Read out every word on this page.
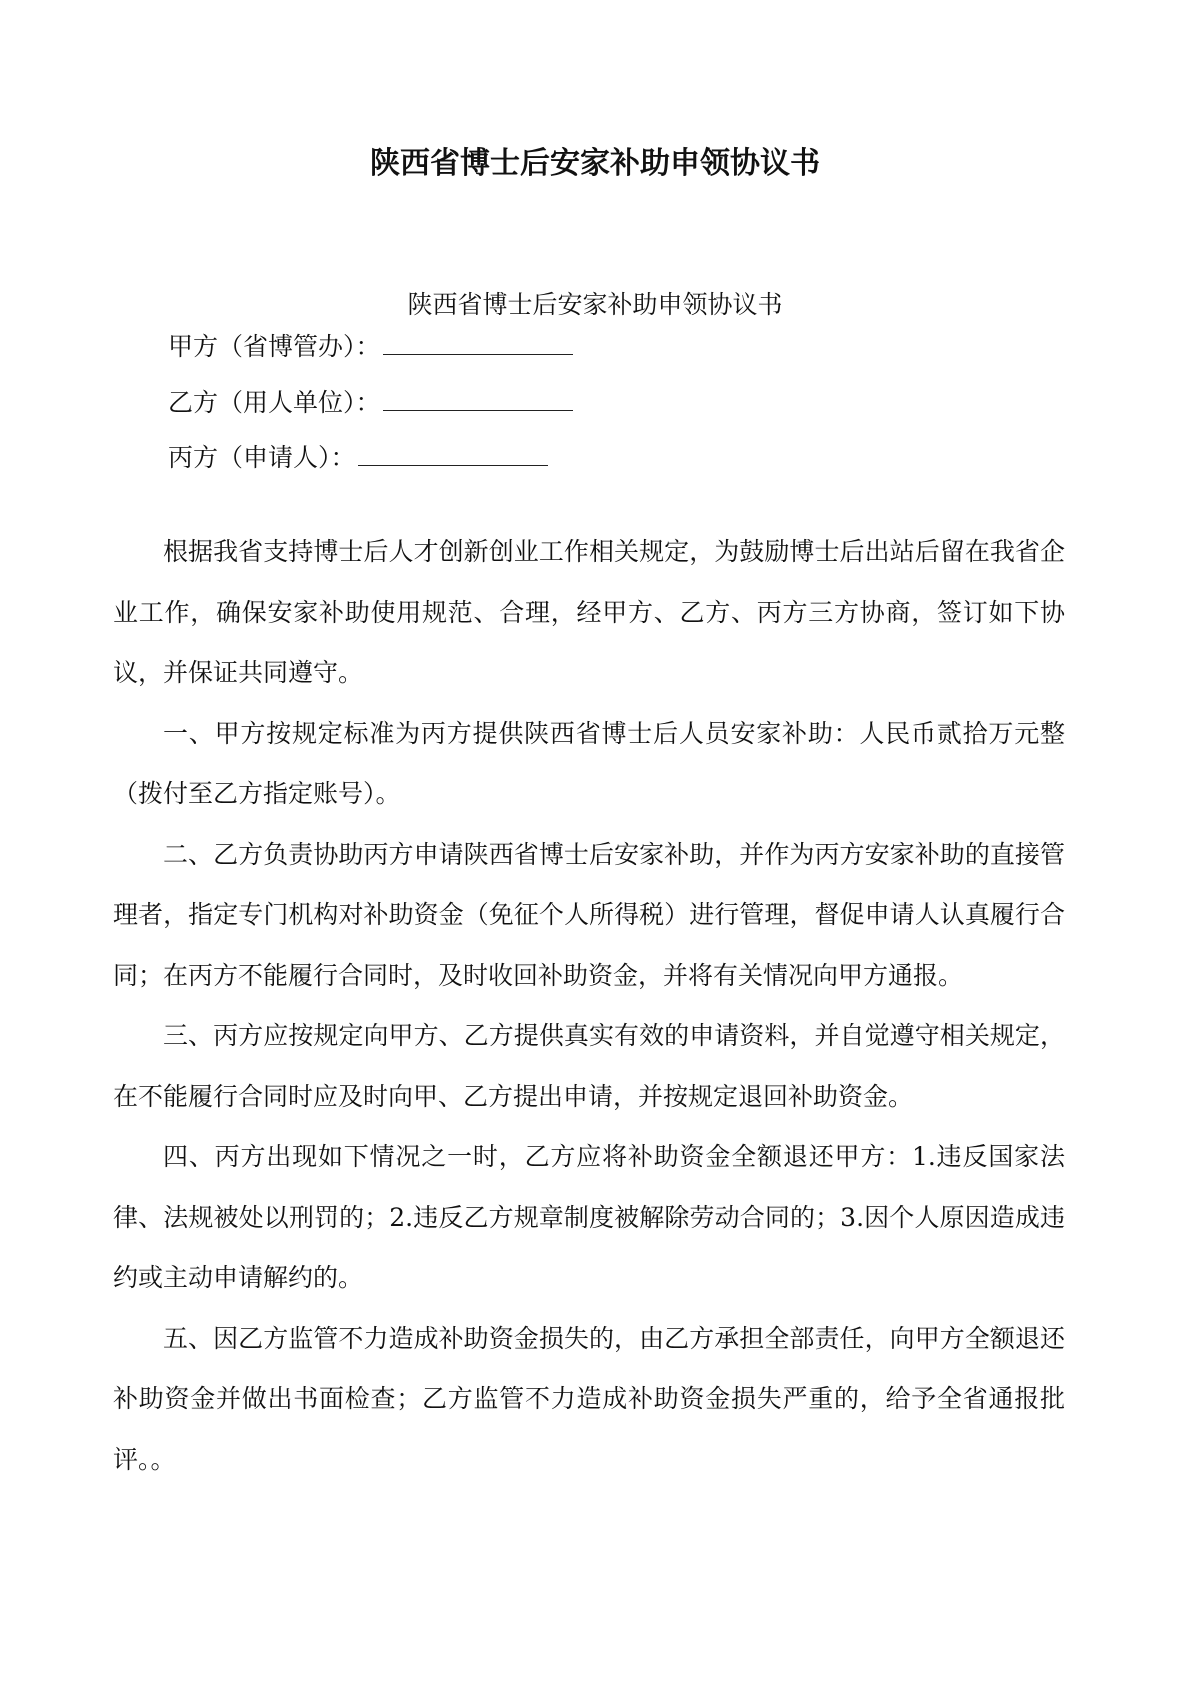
陕西省博士后安家补助申领协议书

陕西省博士后安家补助申领协议书

甲方（省博管办）：
乙方（用人单位）：
丙方（申请人）：

根据我省支持博士后人才创新创业工作相关规定，为鼓励博士后出站后留在我省企业工作，确保安家补助使用规范、合理，经甲方、乙方、丙方三方协商，签订如下协议，并保证共同遵守。

一、甲方按规定标准为丙方提供陕西省博士后人员安家补助：人民币贰拾万元整（拨付至乙方指定账号）。

二、乙方负责协助丙方申请陕西省博士后安家补助，并作为丙方安家补助的直接管理者，指定专门机构对补助资金（免征个人所得税）进行管理，督促申请人认真履行合同；在丙方不能履行合同时，及时收回补助资金，并将有关情况向甲方通报。

三、丙方应按规定向甲方、乙方提供真实有效的申请资料，并自觉遵守相关规定，在不能履行合同时应及时向甲、乙方提出申请，并按规定退回补助资金。

四、丙方出现如下情况之一时，乙方应将补助资金全额退还甲方：1.违反国家法律、法规被处以刑罚的；2.违反乙方规章制度被解除劳动合同的；3.因个人原因造成违约或主动申请解约的。

五、因乙方监管不力造成补助资金损失的，由乙方承担全部责任，向甲方全额退还补助资金并做出书面检查；乙方监管不力造成补助资金损失严重的，给予全省通报批评。。
